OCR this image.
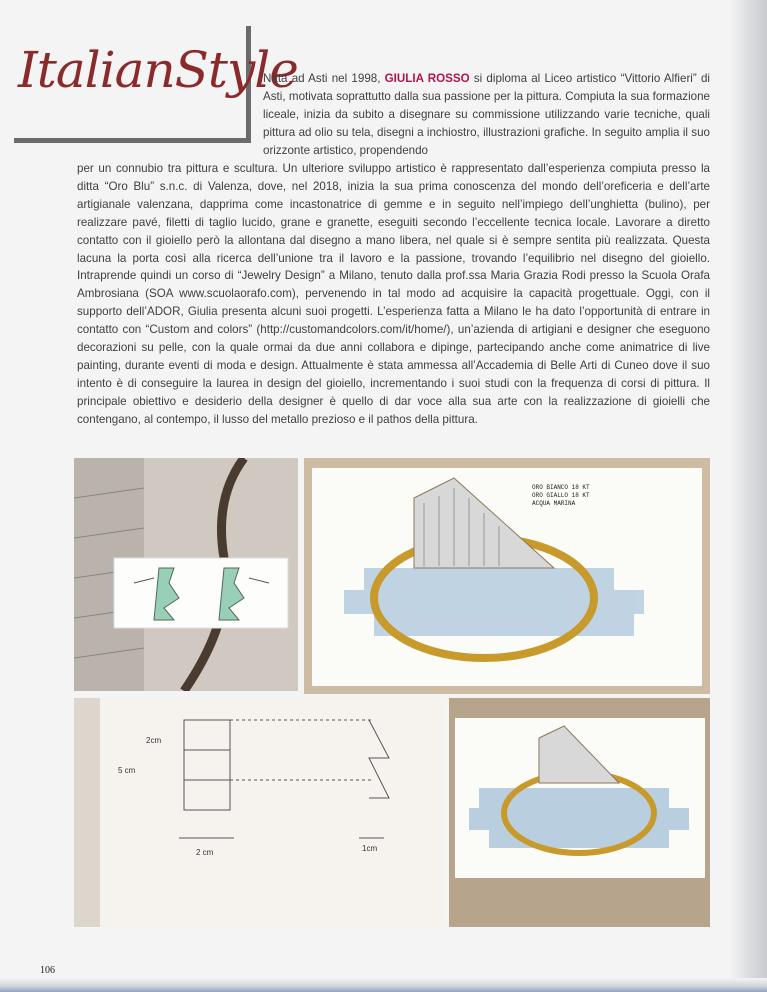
ItalianStyle
Nata ad Asti nel 1998, GIULIA ROSSO si diploma al Liceo artistico “Vittorio Alfieri” di Asti, motivata soprattutto dalla sua passione per la pittura. Compiuta la sua formazione liceale, inizia da subito a disegnare su commissione utilizzando varie tecniche, quali pittura ad olio su tela, disegni a inchiostro, illustrazioni grafiche. In seguito amplia il suo orizzonte artistico, propendendo
per un connubio tra pittura e scultura. Un ulteriore sviluppo artistico è rappresentato dall’esperienza compiuta presso la ditta “Oro Blu” s.n.c. di Valenza, dove, nel 2018, inizia la sua prima conoscenza del mondo dell’oreficeria e dell’arte artigianale valenzana, dapprima come incastonatrice di gemme e in seguito nell’impiego dell’unghietta (bulino), per realizzare pavé, filetti di taglio lucido, grane e granette, eseguiti secondo l’eccellente tecnica locale. Lavorare a diretto contatto con il gioiello però la allontana dal disegno a mano libera, nel quale si è sempre sentita più realizzata. Questa lacuna la porta così alla ricerca dell’unione tra il lavoro e la passione, trovando l’equilibrio nel disegno del gioiello. Intraprende quindi un corso di “Jewelry Design” a Milano, tenuto dalla prof.ssa Maria Grazia Rodi presso la Scuola Orafa Ambrosiana (SOA www.scuolaorafo.com), pervenendo in tal modo ad acquisire la capacità progettuale. Oggi, con il supporto dell’ADOR, Giulia presenta alcuni suoi progetti. L’esperienza fatta a Milano le ha dato l’opportunità di entrare in contatto con “Custom and colors” (http://customandcolors.com/it/home/), un’azienda di artigiani e designer che eseguono decorazioni su pelle, con la quale ormai da due anni collabora e dipinge, partecipando anche come animatrice di live painting, durante eventi di moda e design. Attualmente è stata ammessa all’Accademia di Belle Arti di Cuneo dove il suo intento è di conseguire la laurea in design del gioiello, incrementando i suoi studi con la frequenza di corsi di pittura. Il principale obiettivo e desiderio della designer è quello di dar voce alla sua arte con la realizzazione di gioielli che contengano, al contempo, il lusso del metallo prezioso e il pathos della pittura.
ORO BIANCO 18 KT
ORO GIALLO 18 KT
ACQUA MARINA
2cm
5 cm
2 cm	1cm
106
